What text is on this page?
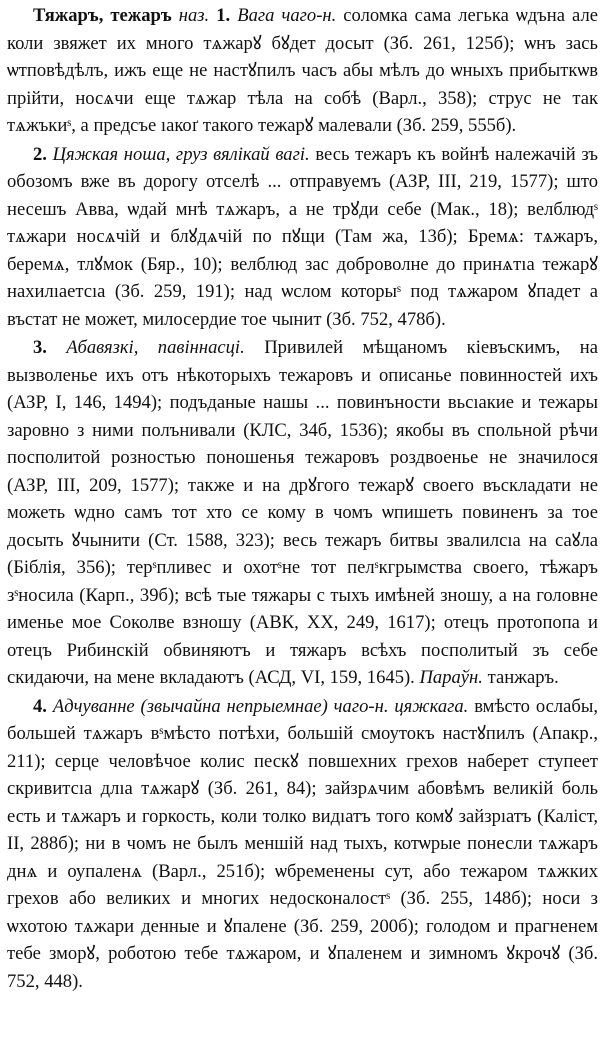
Тяжаръ, тежаръ наз. 1. Вага чаго-н. соломка сама легька ѡдъна але коли звяжет их много тѧжарꙋ бꙋдет досыт (Зб. 261, 125б); ѡнъ зась ѡтповѣдѣлъ, ижъ еще не настꙋпилъ часъ абы мѣлъ до ѡныхъ прибыткѡв прійти, носѧчи еще тѧжар тѣла на собѣ (Варл., 358); струс не так тѧжъкиˢ, а предсъе ıакоґ такого тежарꙋ малевали (Зб. 259, 555б).

2. Цяжкая ноша, груз вялікай вагі. весь тежаръ къ войнѣ належачій зъ обозомъ вже въ дорогу отселѣ ... отправуемъ (АЗР, III, 219, 1577); што несешъ Авва, ѡдай мнѣ тѧжаръ, а не трꙋди себе (Мак., 18); велблюдˢ тѧжари носѧчій и блꙋдѧчій по пꙋщи (Там жа, 13б); Бремѧ: тѧжаръ, беремѧ, тлꙋмок (Бяр., 10); велблюд зас доброволне до принѧтıа тежарꙋ нахилıаетсıа (Зб. 259, 191); над ѡслом которыˢ под тѧжаром ꙋпадет а въстат не может, милосердие тое чынит (Зб. 752, 478б).

3. Абавязкі, павіннасці. Привилей мѣщаномъ кіевъскимъ, на вызволенье ихъ отъ нѣкоторыхъ тежаровъ и описанье повинностей ихъ (АЗР, I, 146, 1494); подъданые нашы ... повинъности вьсıакие и тежары заровно з ними полънивали (КЛС, 34б, 1536); якобы въ спольной рѣчи посполитой розностью поношенья тежаровъ роздвоенье не значилося (АЗР, III, 209, 1577); также и на дрꙋгого тежарꙋ своего въскладати не можеть ѡдно самъ тот хто се кому в чомъ ѡпишеть повиненъ за тое досыть ꙋчынити (Ст. 1588, 323); весь тежаръ битвы звалилсıа на саꙋла (Біблія, 356); терˢпливес и охотˢне тот пелˢкгрымства своего, тѣжаръ зˢносила (Карп., 39б); всѣ тые тяжары с тыхъ имѣней зношу, а на головне именье мое Соколве взношу (АВК, XX, 249, 1617); отецъ протопопа и отецъ Рибинскій обвиняютъ и тяжаръ всѣхъ посполитый зъ себе скидаючи, на мене вкладаютъ (АСД, VI, 159, 1645). Параўн. танжаръ.

4. Адчуванне (звычайна непрыемнае) чаго-н. цяжкага. вмѣсто ослабы, большей тѧжаръ вˢмѣсто потѣхи, большій смоутокъ настꙋпилъ (Апакр., 211); серце человѣчое колис пескꙋ повшехних грехов наберет ступеет скривитсıа длıа тѧжарꙋ (Зб. 261, 84); зайзрѧчим абовѣмъ великій боль есть и тѧжаръ и горкость, коли толко видıатъ того комꙋ зайзрıатъ (Каліст, II, 288б); ни в чомъ не былъ меншій над тыхъ, котѡрые понесли тѧжаръ днѧ и оупаленѧ (Варл., 251б); ѡбременены сут, або тежаром тѧжких грехов або великих и многих недосконалостˢ (Зб. 255, 148б); носи з ѡхотою тѧжари денные и ꙋпалене (Зб. 259, 200б); голодом и прагненем тебе зморꙋ, роботою тебе тѧжаром, и ꙋпаленем и зимномъ ꙋкрочꙋ (Зб. 752, 448).
